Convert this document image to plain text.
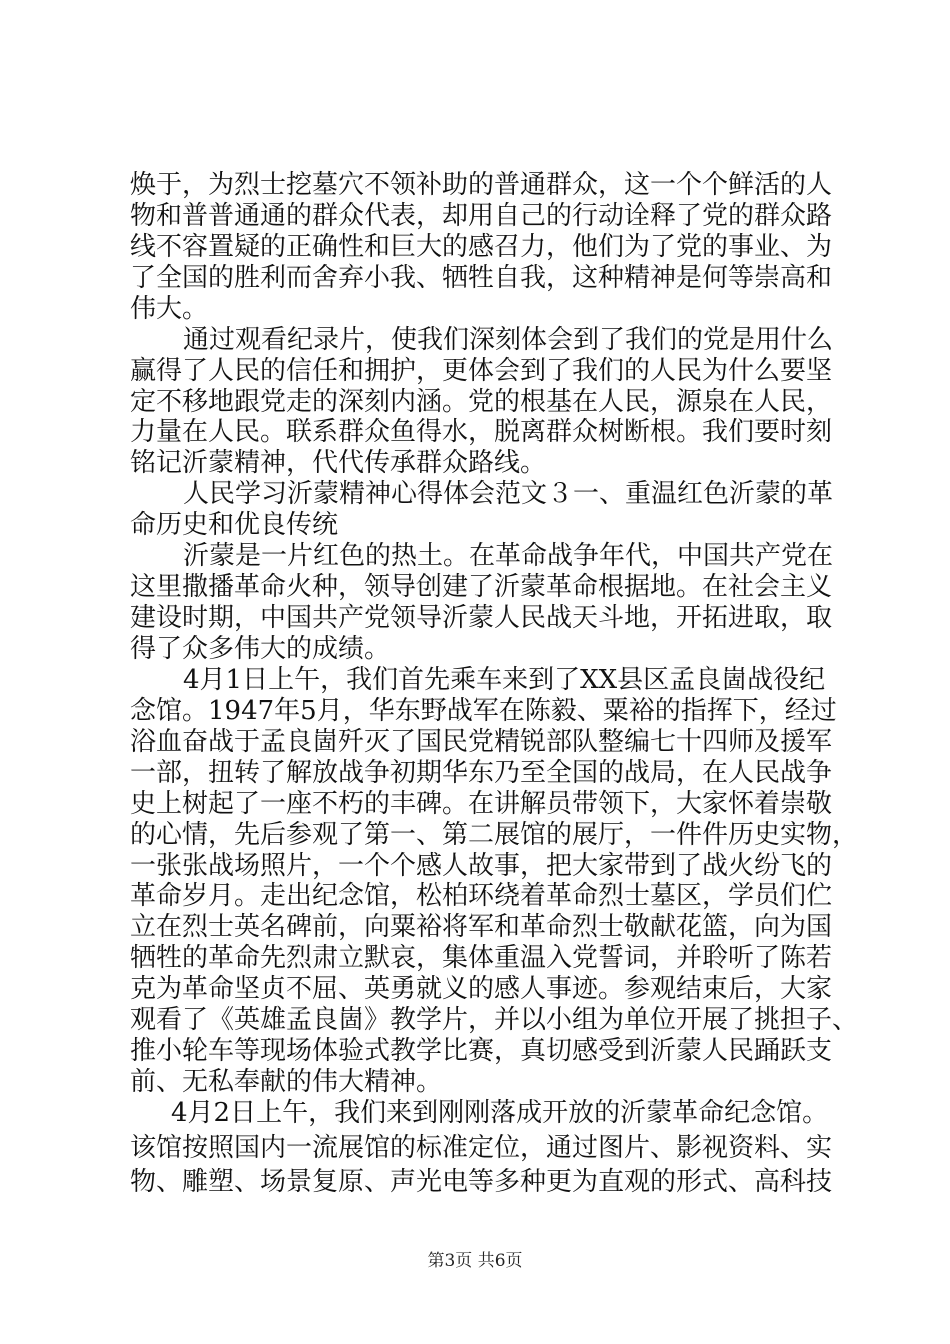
焕于，为烈士挖墓穴不领补助的普通群众，这一个个鲜活的人

物和普普通通的群众代表，却用自己的行动诠释了党的群众路

线不容置疑的正确性和巨大的感召力，他们为了党的事业、为

了全国的胜利而舍弃小我、牺牲自我，这种精神是何等崇高和

伟大。

通过观看纪录片，使我们深刻体会到了我们的党是用什么

赢得了人民的信任和拥护，更体会到了我们的人民为什么要坚

定不移地跟党走的深刻内涵。党的根基在人民，源泉在人民，

力量在人民。联系群众鱼得水，脱离群众树断根。我们要时刻

铭记沂蒙精神，代代传承群众路线。

人民学习沂蒙精神心得体会范文３一、重温红色沂蒙的革

命历史和优良传统

沂蒙是一片红色的热土。在革命战争年代，中国共产党在

这里撒播革命火种，领导创建了沂蒙革命根据地。在社会主义

建设时期，中国共产党领导沂蒙人民战天斗地，开拓进取，取

得了众多伟大的成绩。

4月1日上午，我们首先乘车来到了XX县区孟良崮战役纪

念馆。1947年5月，华东野战军在陈毅、粟裕的指挥下，经过

浴血奋战于孟良崮歼灭了国民党精锐部队整编七十四师及援军

一部，扭转了解放战争初期华东乃至全国的战局，在人民战争

史上树起了一座不朽的丰碑。在讲解员带领下，大家怀着崇敬

的心情，先后参观了第一、第二展馆的展厅，一件件历史实物，

一张张战场照片，一个个感人故事，把大家带到了战火纷飞的

革命岁月。走出纪念馆，松柏环绕着革命烈士墓区，学员们伫

立在烈士英名碑前，向粟裕将军和革命烈士敬献花篮，向为国

牺牲的革命先烈肃立默哀，集体重温入党誓词，并聆听了陈若

克为革命坚贞不屈、英勇就义的感人事迹。参观结束后，大家

观看了《英雄孟良崮》教学片，并以小组为单位开展了挑担子、

推小轮车等现场体验式教学比赛，真切感受到沂蒙人民踊跃支

前、无私奉献的伟大精神。

4月2日上午，我们来到刚刚落成开放的沂蒙革命纪念馆。

该馆按照国内一流展馆的标准定位，通过图片、影视资料、实

物、雕塑、场景复原、声光电等多种更为直观的形式、高科技

第3页 共6页
